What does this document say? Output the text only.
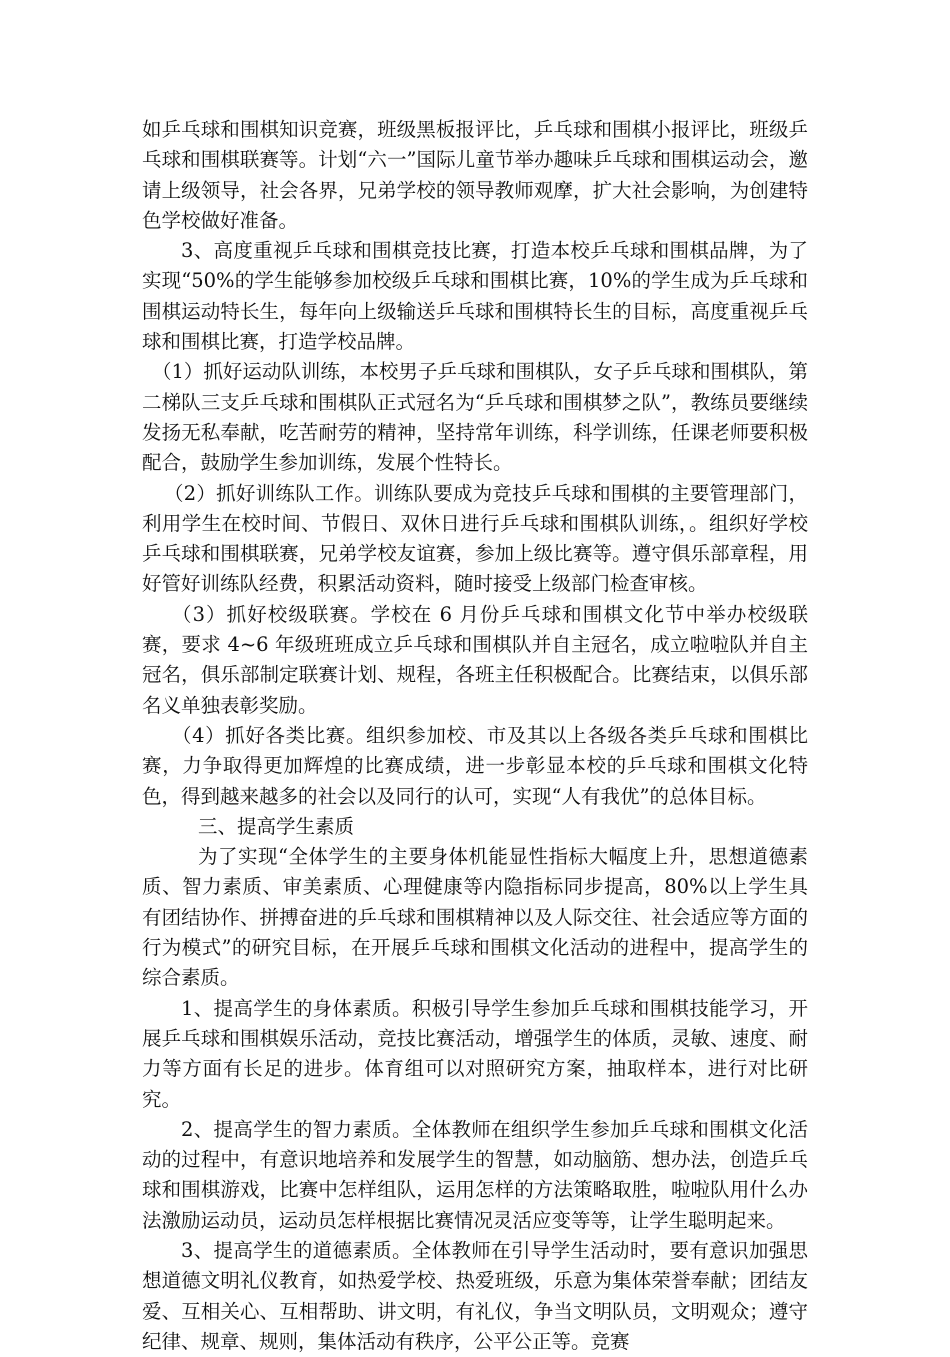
如乒乓球和围棋知识竞赛，班级黑板报评比，乒乓球和围棋小报评比，班级乒乓球和围棋联赛等。计划“六一”国际儿童节举办趣味乒乓球和围棋运动会，邀请上级领导，社会各界，兄弟学校的领导教师观摩，扩大社会影响，为创建特色学校做好准备。

3、高度重视乒乓球和围棋竞技比赛，打造本校乒乓球和围棋品牌，为了实现“50%的学生能够参加校级乒乓球和围棋比赛，10%的学生成为乒乓球和围棋运动特长生，每年向上级输送乒乓球和围棋特长生的目标，高度重视乒乓球和围棋比赛，打造学校品牌。

（1）抓好运动队训练，本校男子乒乓球和围棋队，女子乒乓球和围棋队，第二梯队三支乒乓球和围棋队正式冠名为“乒乓球和围棋梦之队”，教练员要继续发扬无私奉献，吃苦耐劳的精神，坚持常年训练，科学训练，任课老师要积极配合，鼓励学生参加训练，发展个性特长。

（2）抓好训练队工作。训练队要成为竞技乒乓球和围棋的主要管理部门，利用学生在校时间、节假日、双休日进行乒乓球和围棋队训练，。组织好学校乒乓球和围棋联赛，兄弟学校友谊赛，参加上级比赛等。遵守俱乐部章程，用好管好训练队经费，积累活动资料，随时接受上级部门检查审核。

（3）抓好校级联赛。学校在 6 月份乒乓球和围棋文化节中举办校级联赛，要求 4~6 年级班班成立乒乓球和围棋队并自主冠名，成立啦啦队并自主冠名，俱乐部制定联赛计划、规程，各班主任积极配合。比赛结束，以俱乐部名义单独表彰奖励。

（4）抓好各类比赛。组织参加校、市及其以上各级各类乒乓球和围棋比赛，力争取得更加辉煌的比赛成绩，进一步彰显本校的乒乓球和围棋文化特色，得到越来越多的社会以及同行的认可，实现“人有我优”的总体目标。

三、提高学生素质

为了实现“全体学生的主要身体机能显性指标大幅度上升，思想道德素质、智力素质、审美素质、心理健康等内隐指标同步提高，80%以上学生具有团结协作、拼搏奋进的乒乓球和围棋精神以及人际交往、社会适应等方面的行为模式”的研究目标，在开展乒乓球和围棋文化活动的进程中，提高学生的综合素质。

1、提高学生的身体素质。积极引导学生参加乒乓球和围棋技能学习，开展乒乓球和围棋娱乐活动，竞技比赛活动，增强学生的体质，灵敏、速度、耐力等方面有长足的进步。体育组可以对照研究方案，抽取样本，进行对比研究。

2、提高学生的智力素质。全体教师在组织学生参加乒乓球和围棋文化活动的过程中，有意识地培养和发展学生的智慧，如动脑筋、想办法，创造乒乓球和围棋游戏，比赛中怎样组队，运用怎样的方法策略取胜，啦啦队用什么办法激励运动员，运动员怎样根据比赛情况灵活应变等等，让学生聪明起来。

3、提高学生的道德素质。全体教师在引导学生活动时，要有意识加强思想道德文明礼仪教育，如热爱学校、热爱班级，乐意为集体荣誉奉献；团结友爱、互相关心、互相帮助、讲文明，有礼仪，争当文明队员，文明观众；遵守纪律、规章、规则，集体活动有秩序，公平公正等。竞赛
